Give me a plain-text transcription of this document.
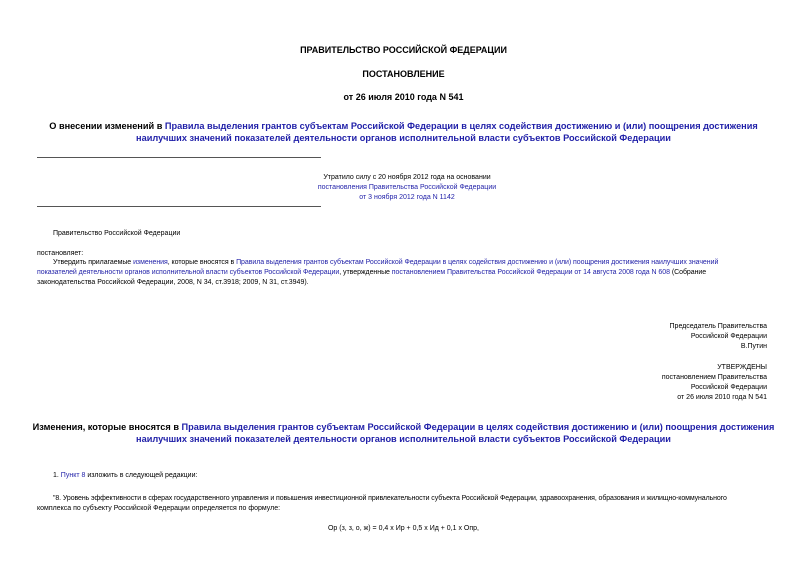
ПРАВИТЕЛЬСТВО РОССИЙСКОЙ ФЕДЕРАЦИИ
ПОСТАНОВЛЕНИЕ
от 26 июля 2010 года N 541
О внесении изменений в Правила выделения грантов субъектам Российской Федерации в целях содействия достижению и (или) поощрения достижения
наилучших значений показателей деятельности органов исполнительной власти субъектов Российской Федерации
Утратило силу с 20 ноября 2012 года на основании
постановления Правительства Российской Федерации
от 3 ноября 2012 года N 1142
Правительство Российской Федерации
постановляет:
Утвердить прилагаемые изменения, которые вносятся в Правила выделения грантов субъектам Российской Федерации в целях содействия достижению и (или) поощрения достижения наилучших значений
показателей деятельности органов исполнительной власти субъектов Российской Федерации, утвержденные постановлением Правительства Российской Федерации от 14 августа 2008 года N 608 (Собрание
законодательства Российской Федерации, 2008, N 34, ст.3918; 2009, N 31, ст.3949).
Председатель Правительства
Российской Федерации
В.Путин
УТВЕРЖДЕНЫ
постановлением Правительства
Российской Федерации
от 26 июля 2010 года N 541
Изменения, которые вносятся в Правила выделения грантов субъектам Российской Федерации в целях содействия достижению и (или) поощрения достижения
наилучших значений показателей деятельности органов исполнительной власти субъектов Российской Федерации
1. Пункт 8 изложить в следующей редакции:
"8. Уровень эффективности в сферах государственного управления и повышения инвестиционной привлекательности субъекта Российской Федерации, здравоохранения, образования и жилищно-коммунального
комплекса по субъекту Российской Федерации определяется по формуле:
Ор (з, з, о, ж) = 0,4 х Ир + 0,5 х Ид + 0,1 х Опр,
